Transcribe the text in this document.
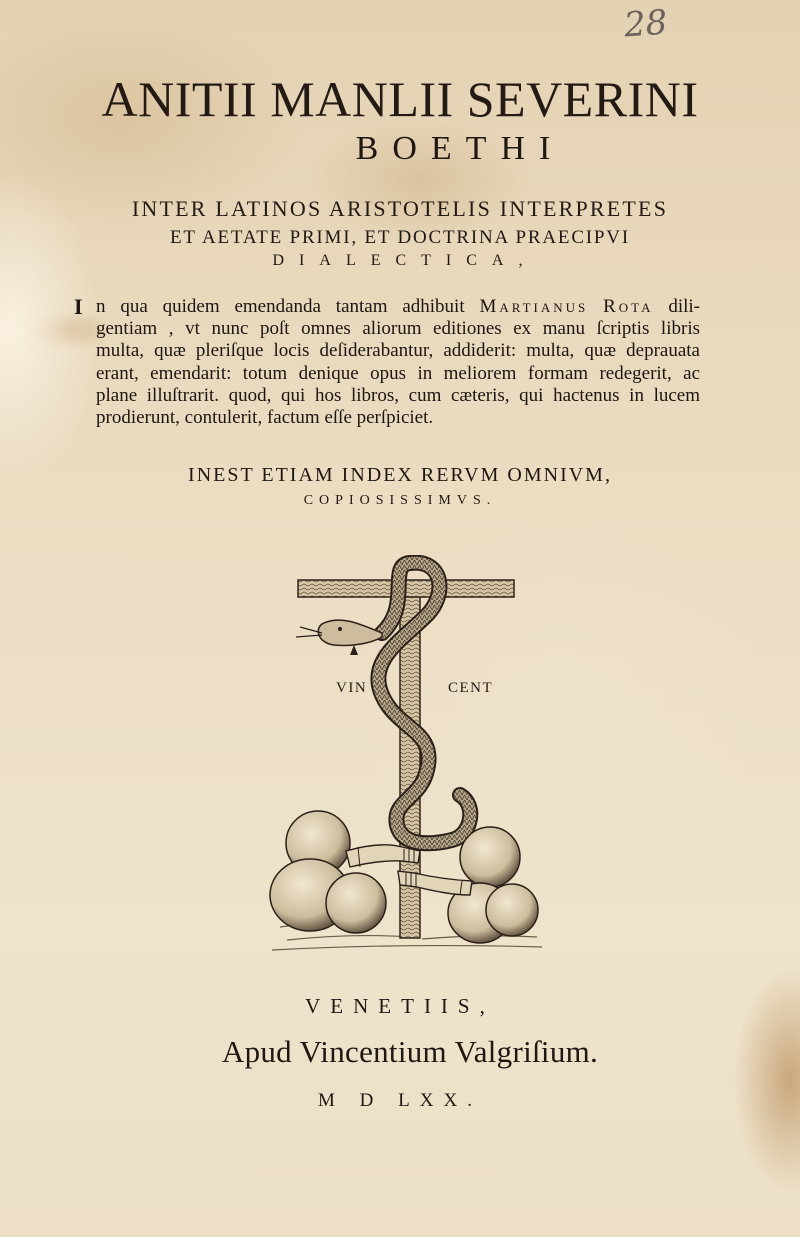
28
ANITII MANLII SEVERINI
BOETHI
INTER LATINOS ARISTOTELIS INTERPRETES
ET AETATE PRIMI, ET DOCTRINA PRAECIPVI
DIALECTICA,
I n qua quidem emendanda tantam adhibuit Martianus Rota dili-
gentiam , vt nunc poſt omnes aliorum editiones ex manu ſcriptis libris
multa, quæ pleriſque locis deſiderabantur, addiderit: multa, quæ deprauata
erant, emendarit: totum denique opus in meliorem formam redegerit, ac
plane illuſtrarit. quod, qui hos libros, cum cæteris, qui hactenus in lucem
prodierunt, contulerit, factum eſſe perſpiciet.
INEST ETIAM INDEX RERVM OMNIVM,
COPIOSISSIMVS.
VIN	CENT
VENETIIS,
Apud Vincentium Valgriſium.
M D LXX.
